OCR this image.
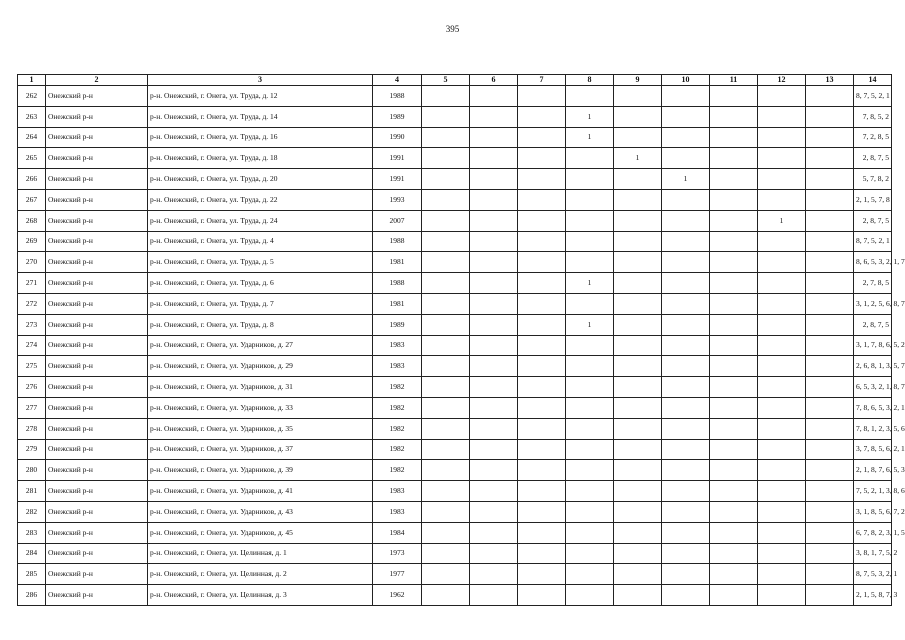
395
1	2	3	4	5	6	7	8	9	10	11	12	13	14
262	Онежский р-н	р-н. Онежский, г. Онега, ул. Труда, д. 12	1988										8, 7, 5, 2, 1
263	Онежский р-н	р-н. Онежский, г. Онега, ул. Труда, д. 14	1989				1						7, 8, 5, 2
264	Онежский р-н	р-н. Онежский, г. Онега, ул. Труда, д. 16	1990				1						7, 2, 8, 5
265	Онежский р-н	р-н. Онежский, г. Онега, ул. Труда, д. 18	1991					1					2, 8, 7, 5
266	Онежский р-н	р-н. Онежский, г. Онега, ул. Труда, д. 20	1991						1				5, 7, 8, 2
267	Онежский р-н	р-н. Онежский, г. Онега, ул. Труда, д. 22	1993										2, 1, 5, 7, 8
268	Онежский р-н	р-н. Онежский, г. Онега, ул. Труда, д. 24	2007								1		2, 8, 7, 5
269	Онежский р-н	р-н. Онежский, г. Онега, ул. Труда, д. 4	1988										8, 7, 5, 2, 1
270	Онежский р-н	р-н. Онежский, г. Онега, ул. Труда, д. 5	1981										8, 6, 5, 3, 2, 1, 7
271	Онежский р-н	р-н. Онежский, г. Онега, ул. Труда, д. 6	1988				1						2, 7, 8, 5
272	Онежский р-н	р-н. Онежский, г. Онега, ул. Труда, д. 7	1981										3, 1, 2, 5, 6, 8, 7
273	Онежский р-н	р-н. Онежский, г. Онега, ул. Труда, д. 8	1989				1						2, 8, 7, 5
274	Онежский р-н	р-н. Онежский, г. Онега, ул. Ударников, д. 27	1983										3, 1, 7, 8, 6, 5, 2
275	Онежский р-н	р-н. Онежский, г. Онега, ул. Ударников, д. 29	1983										2, 6, 8, 1, 3, 5, 7
276	Онежский р-н	р-н. Онежский, г. Онега, ул. Ударников, д. 31	1982										6, 5, 3, 2, 1, 8, 7
277	Онежский р-н	р-н. Онежский, г. Онега, ул. Ударников, д. 33	1982										7, 8, 6, 5, 3, 2, 1
278	Онежский р-н	р-н. Онежский, г. Онега, ул. Ударников, д. 35	1982										7, 8, 1, 2, 3, 5, 6
279	Онежский р-н	р-н. Онежский, г. Онега, ул. Ударников, д. 37	1982										3, 7, 8, 5, 6, 2, 1
280	Онежский р-н	р-н. Онежский, г. Онега, ул. Ударников, д. 39	1982										2, 1, 8, 7, 6, 5, 3
281	Онежский р-н	р-н. Онежский, г. Онега, ул. Ударников, д. 41	1983										7, 5, 2, 1, 3, 8, 6
282	Онежский р-н	р-н. Онежский, г. Онега, ул. Ударников, д. 43	1983										3, 1, 8, 5, 6, 7, 2
283	Онежский р-н	р-н. Онежский, г. Онега, ул. Ударников, д. 45	1984										6, 7, 8, 2, 3, 1, 5
284	Онежский р-н	р-н. Онежский, г. Онега, ул. Целинная, д. 1	1973										3, 8, 1, 7, 5, 2
285	Онежский р-н	р-н. Онежский, г. Онега, ул. Целинная, д. 2	1977										8, 7, 5, 3, 2, 1
286	Онежский р-н	р-н. Онежский, г. Онега, ул. Целинная, д. 3	1962										2, 1, 5, 8, 7, 3
